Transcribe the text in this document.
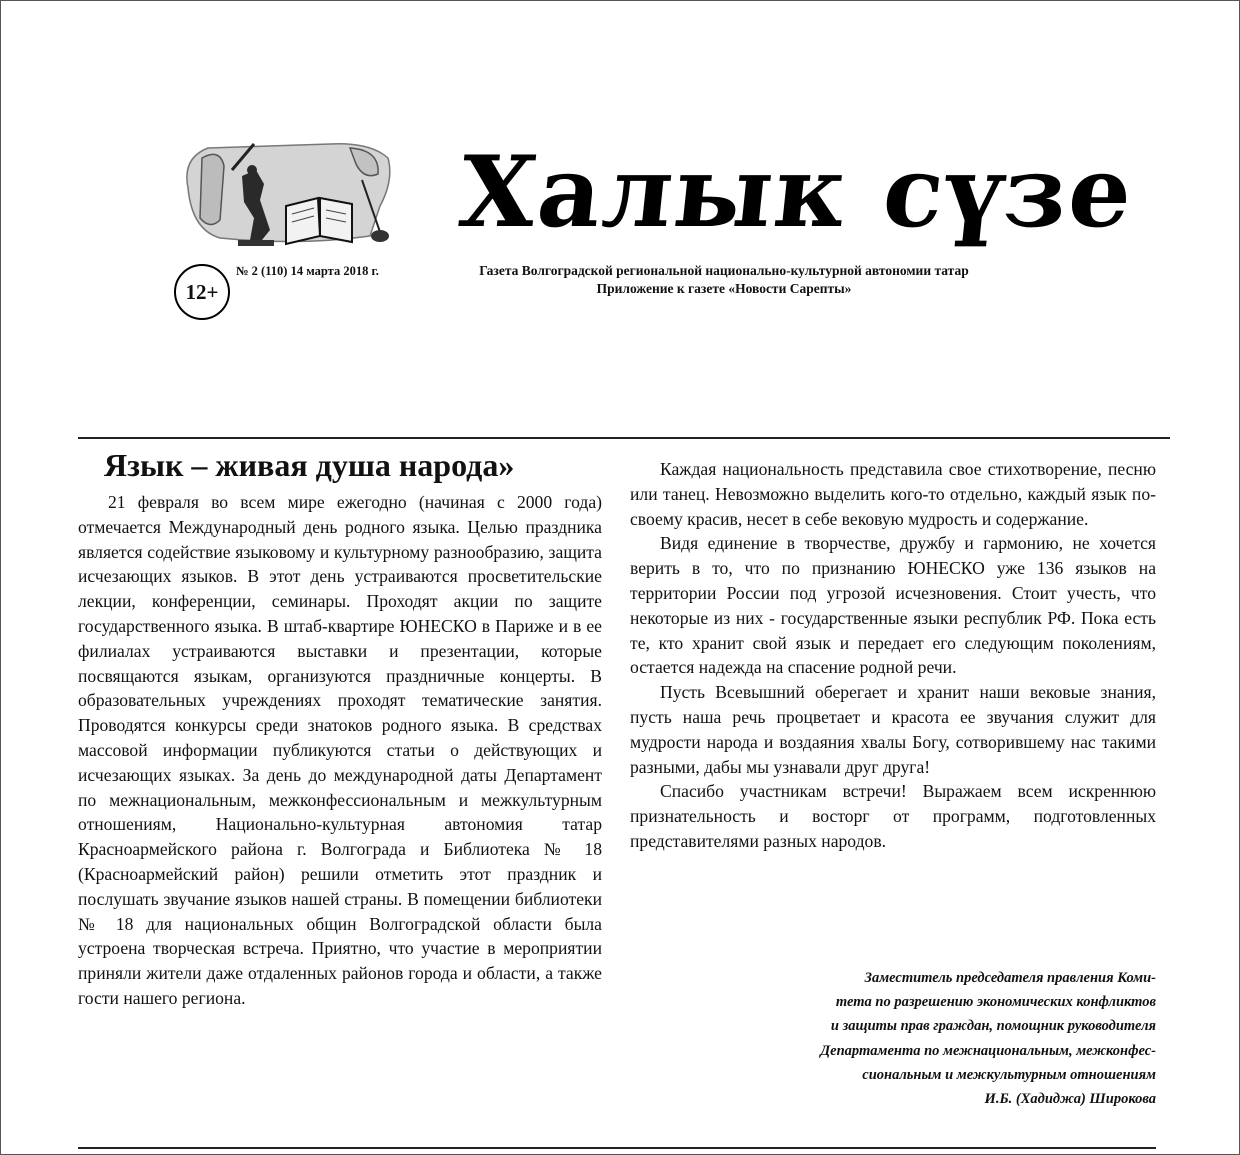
Халык сүзе
12+
№ 2 (110) 14 марта 2018 г.	Газета Волгоградской региональной национально-культурной автономии татар
Приложение к газете «Новости Сарепты»
Язык – живая душа народа»

21 февраля во всем мире ежегодно (начиная с 2000 года) отмечается Международный день родного языка. Целью праздника является содействие языковому и культурному разнообразию, защита исчезающих языков. В этот день устраиваются просветительские лекции, конференции, семинары. Проходят акции по защите государственного языка. В штаб-квартире ЮНЕСКО в Париже и в ее филиалах устраиваются выставки и презентации, которые посвящаются языкам, организуются праздничные концерты. В образовательных учреждениях проходят тематические занятия. Проводятся конкурсы среди знатоков родного языка. В средствах массовой информации публикуются статьи о действующих и исчезающих языках. За день до международной даты Департамент по межнациональным, межконфессиональным и межкультурным отношениям, Национально-культурная автономия татар Красноармейского района г. Волгограда и Библиотека № 18 (Красноармейский район) решили отметить этот праздник и послушать звучание языков нашей страны. В помещении библиотеки № 18 для национальных общин Волгоградской области была устроена творческая встреча. Приятно, что участие в мероприятии приняли жители даже отдаленных районов города и области, а также гости нашего региона.

Каждая национальность представила свое стихотворение, песню или танец. Невозможно выделить кого-то отдельно, каждый язык по-своему красив, несет в себе вековую мудрость и содержание.

Видя единение в творчестве, дружбу и гармонию, не хочется верить в то, что по признанию ЮНЕСКО уже 136 языков на территории России под угрозой исчезновения. Стоит учесть, что некоторые из них - государственные языки республик РФ. Пока есть те, кто хранит свой язык и передает его следующим поколениям, остается надежда на спасение родной речи.

Пусть Всевышний оберегает и хранит наши вековые знания, пусть наша речь процветает и красота ее звучания служит для мудрости народа и воздаяния хвалы Богу, сотворившему нас такими разными, дабы мы узнавали друг друга!

Спасибо участникам встречи! Выражаем всем искреннюю признательность и восторг от программ, подготовленных представителями разных народов.

Заместитель председателя правления Коми-
тета по разрешению экономических конфликтов
и защиты прав граждан, помощник руководителя
Департамента по межнациональным, межконфес-
сиональным и межкультурным отношениям
И.Б. (Хадиджа) Широкова
